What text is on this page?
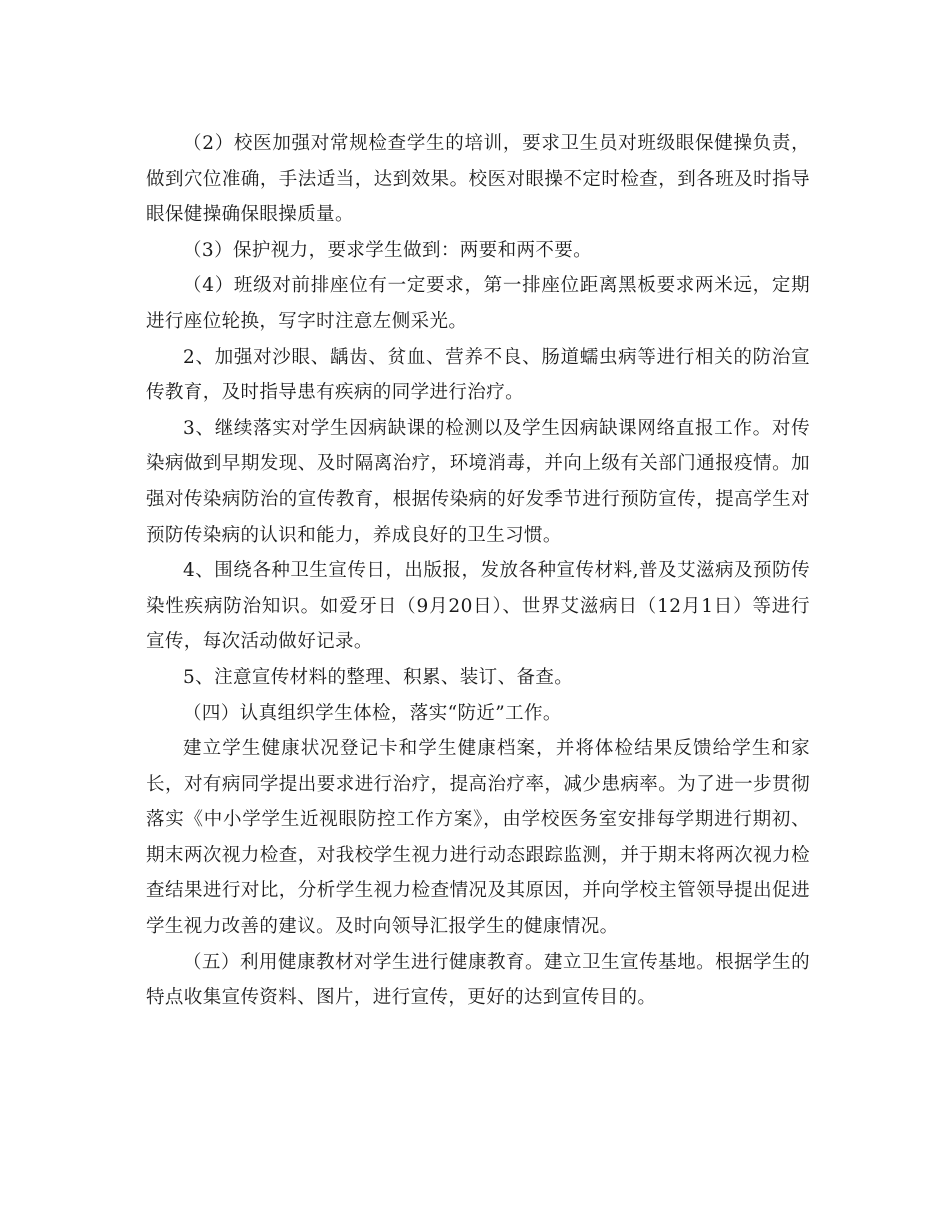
（2）校医加强对常规检查学生的培训，要求卫生员对班级眼保健操负责，做到穴位准确，手法适当，达到效果。校医对眼操不定时检查，到各班及时指导眼保健操确保眼操质量。

（3）保护视力，要求学生做到：两要和两不要。

（4）班级对前排座位有一定要求，第一排座位距离黑板要求两米远，定期进行座位轮换，写字时注意左侧采光。

2、加强对沙眼、龋齿、贫血、营养不良、肠道蠕虫病等进行相关的防治宣传教育，及时指导患有疾病的同学进行治疗。

3、继续落实对学生因病缺课的检测以及学生因病缺课网络直报工作。对传染病做到早期发现、及时隔离治疗，环境消毒，并向上级有关部门通报疫情。加强对传染病防治的宣传教育，根据传染病的好发季节进行预防宣传，提高学生对预防传染病的认识和能力，养成良好的卫生习惯。

4、围绕各种卫生宣传日，出版报，发放各种宣传材料,普及艾滋病及预防传染性疾病防治知识。如爱牙日（9月20日）、世界艾滋病日（12月1日）等进行宣传，每次活动做好记录。

5、注意宣传材料的整理、积累、装订、备查。

（四）认真组织学生体检，落实“防近”工作。

建立学生健康状况登记卡和学生健康档案，并将体检结果反馈给学生和家长，对有病同学提出要求进行治疗，提高治疗率，减少患病率。为了进一步贯彻落实《中小学学生近视眼防控工作方案》，由学校医务室安排每学期进行期初、期末两次视力检查，对我校学生视力进行动态跟踪监测，并于期末将两次视力检查结果进行对比，分析学生视力检查情况及其原因，并向学校主管领导提出促进学生视力改善的建议。及时向领导汇报学生的健康情况。

（五）利用健康教材对学生进行健康教育。建立卫生宣传基地。根据学生的特点收集宣传资料、图片，进行宣传，更好的达到宣传目的。
